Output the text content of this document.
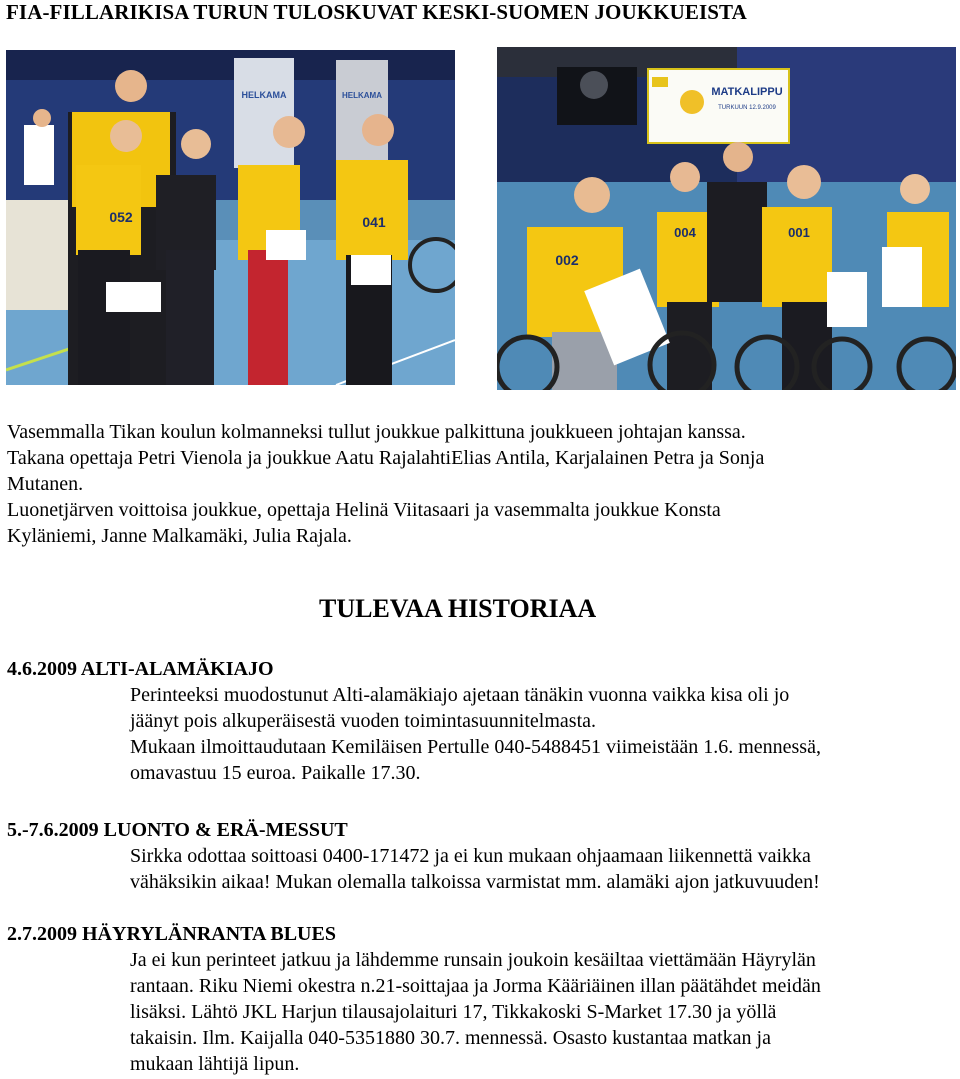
FIA-FILLARIKISA TURUN TULOSKUVAT KESKI-SUOMEN JOUKKUEISTA
HELKAMA	HELKAMA
052	041
MATKALIPPU
TURKUUN 12.9.2009
002
004	001
Vasemmalla Tikan koulun kolmanneksi tullut joukkue palkittuna joukkueen johtajan kanssa.
Takana opettaja Petri Vienola ja joukkue Aatu RajalahtiElias Antila, Karjalainen Petra ja Sonja
Mutanen.
Luonetjärven voittoisa joukkue, opettaja Helinä Viitasaari ja vasemmalta joukkue Konsta
Kyläniemi, Janne Malkamäki, Julia Rajala.
TULEVAA HISTORIAA
4.6.2009 ALTI-ALAMÄKIAJO
Perinteeksi muodostunut Alti-alamäkiajo ajetaan tänäkin vuonna vaikka kisa oli jo
jäänyt pois alkuperäisestä vuoden toimintasuunnitelmasta.
Mukaan ilmoittaudutaan Kemiläisen Pertulle 040-5488451 viimeistään 1.6. mennessä,
omavastuu 15 euroa. Paikalle 17.30.
5.-7.6.2009 LUONTO & ERÄ-MESSUT
Sirkka odottaa soittoasi 0400-171472 ja ei kun mukaan ohjaamaan liikennettä vaikka
vähäksikin aikaa! Mukan olemalla talkoissa varmistat mm. alamäki ajon jatkuvuuden!
2.7.2009 HÄYRYLÄNRANTA BLUES
Ja ei kun perinteet jatkuu ja lähdemme runsain joukoin kesäiltaa viettämään Häyrylän
rantaan. Riku Niemi okestra n.21-soittajaa ja Jorma Kääriäinen illan päätähdet meidän
lisäksi. Lähtö JKL Harjun tilausajolaituri 17, Tikkakoski S-Market 17.30 ja yöllä
takaisin. Ilm. Kaijalla 040-5351880 30.7. mennessä. Osasto kustantaa matkan ja
mukaan lähtijä lipun.
